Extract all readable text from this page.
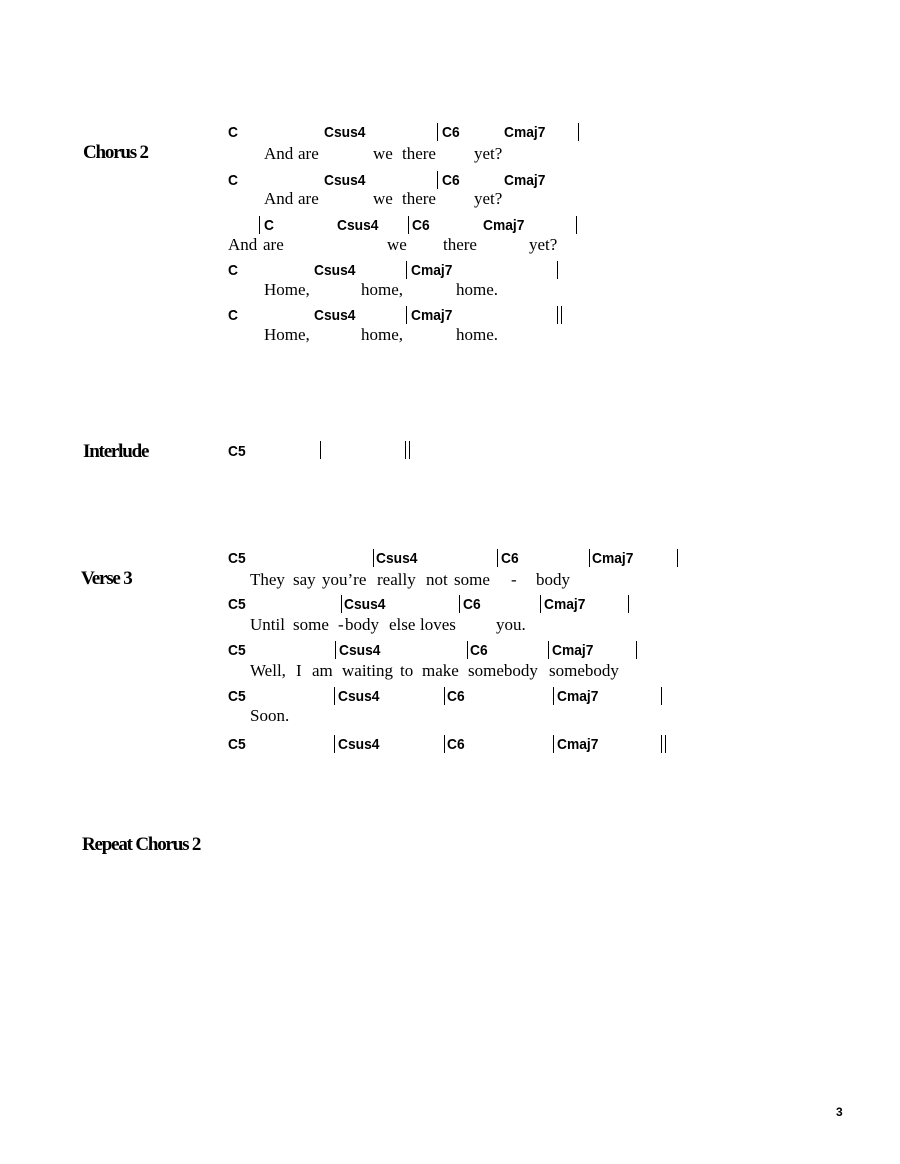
Chorus 2
C	Csus4	C6	Cmaj7
And are	we there yet?
C	Csus4	C6	Cmaj7
And are	we there yet?
C	Csus4 C6	Cmaj7
And are	we there	yet?
C	Csus4	Cmaj7
Home,	home,	home.
C	Csus4	Cmaj7
Home,	home,	home.
Interlude	C5
Verse 3
C5	Csus4	C6	Cmaj7
They say you’re really not some - body
C5	Csus4	C6	Cmaj7
Until some - body else loves you.
C5	Csus4	C6	Cmaj7
Well, I am waiting to make somebody somebody
C5	Csus4	C6	Cmaj7
Soon.
C5	Csus4	C6	Cmaj7
Repeat Chorus 2
3
